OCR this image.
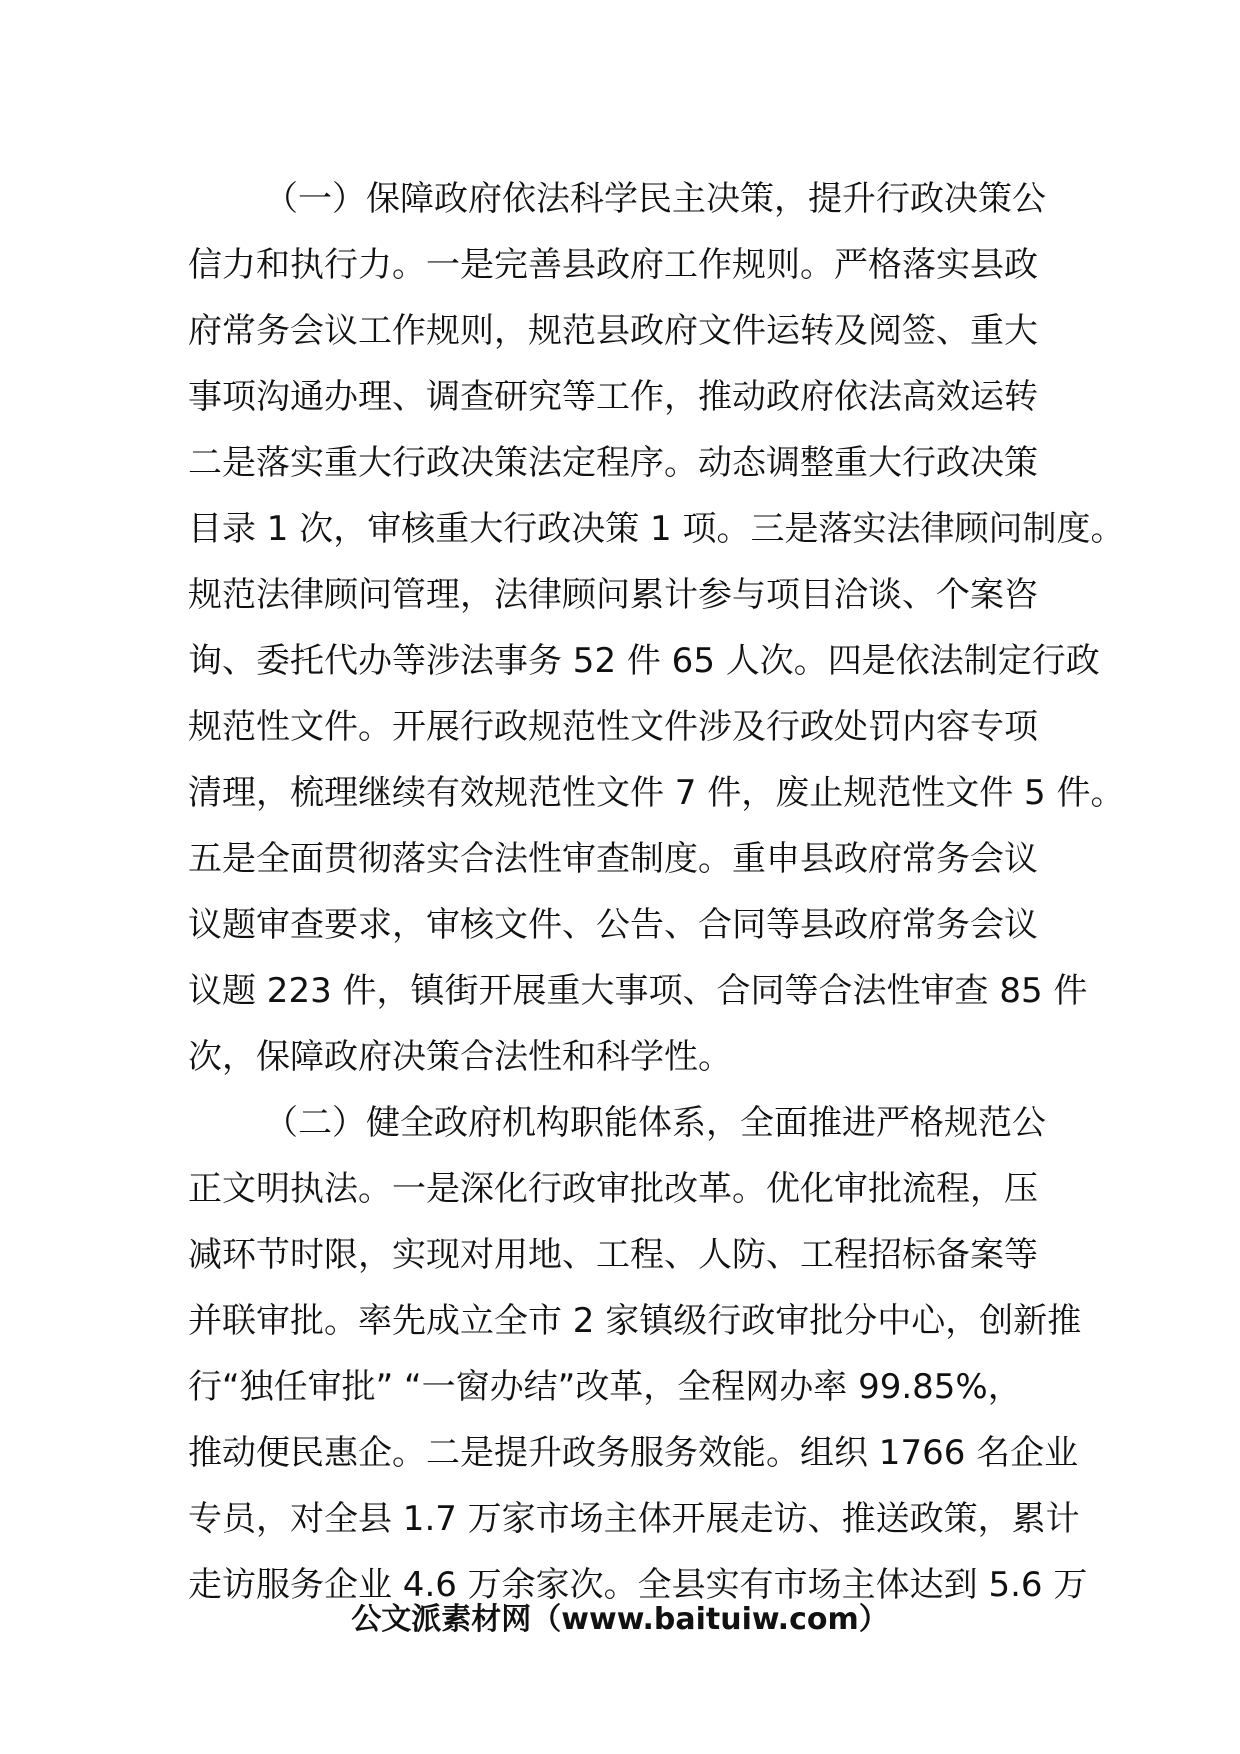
（一）保障政府依法科学民主决策，提升行政决策公
信力和执行力。一是完善县政府工作规则。严格落实县政
府常务会议工作规则，规范县政府文件运转及阅签、重大
事项沟通办理、调查研究等工作，推动政府依法高效运转
二是落实重大行政决策法定程序。动态调整重大行政决策
目录 1 次，审核重大行政决策 1 项。三是落实法律顾问制度。
规范法律顾问管理，法律顾问累计参与项目洽谈、个案咨
询、委托代办等涉法事务 52 件 65 人次。四是依法制定行政
规范性文件。开展行政规范性文件涉及行政处罚内容专项
清理，梳理继续有效规范性文件 7 件，废止规范性文件 5 件。
五是全面贯彻落实合法性审查制度。重申县政府常务会议
议题审查要求，审核文件、公告、合同等县政府常务会议
议题 223 件，镇街开展重大事项、合同等合法性审查 85 件
次，保障政府决策合法性和科学性。
（二）健全政府机构职能体系，全面推进严格规范公
正文明执法。一是深化行政审批改革。优化审批流程，压
减环节时限，实现对用地、工程、人防、工程招标备案等
并联审批。率先成立全市 2 家镇级行政审批分中心，创新推
行“独任审批” “一窗办结”改革，全程网办率 99.85%，
推动便民惠企。二是提升政务服务效能。组织 1766 名企业
专员，对全县 1.7 万家市场主体开展走访、推送政策，累计
走访服务企业 4.6 万余家次。全县实有市场主体达到 5.6 万
公文派素材网（www.baituiw.com）
